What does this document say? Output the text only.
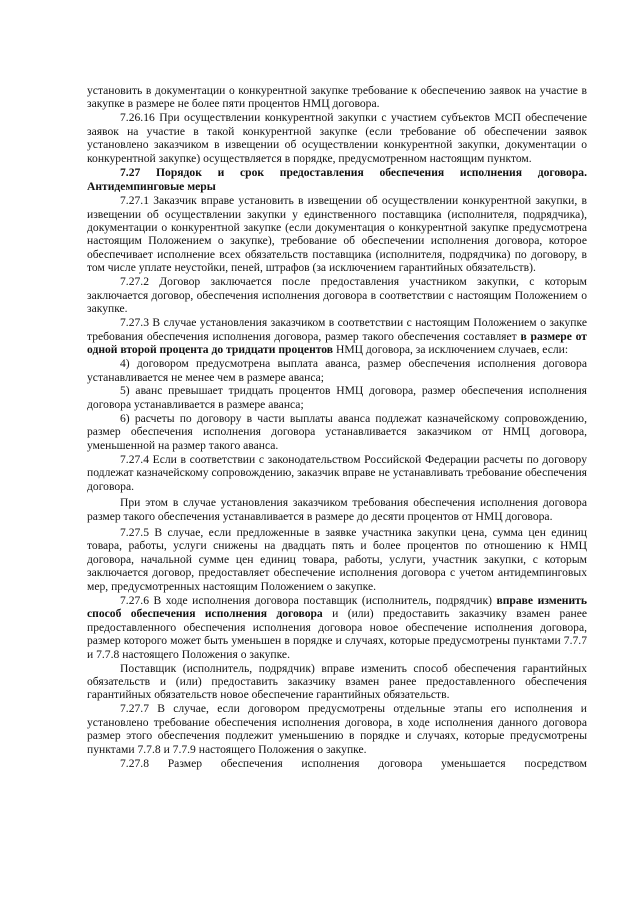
установить в документации о конкурентной закупке требование к обеспечению заявок на участие в закупке в размере не более пяти процентов НМЦ договора.

7.26.16 При осуществлении конкурентной закупки с участием субъектов МСП обеспечение заявок на участие в такой конкурентной закупке (если требование об обеспечении заявок установлено заказчиком в извещении об осуществлении конкурентной закупки, документации о конкурентной закупке) осуществляется в порядке, предусмотренном настоящим пунктом.

7.27 Порядок и срок предоставления обеспечения исполнения договора. Антидемпинговые меры

7.27.1 Заказчик вправе установить в извещении об осуществлении конкурентной закупки, в извещении об осуществлении закупки у единственного поставщика (исполнителя, подрядчика), документации о конкурентной закупке (если документация о конкурентной закупке предусмотрена настоящим Положением о закупке), требование об обеспечении исполнения договора, которое обеспечивает исполнение всех обязательств поставщика (исполнителя, подрядчика) по договору, в том числе уплате неустойки, пеней, штрафов (за исключением гарантийных обязательств).

7.27.2 Договор заключается после предоставления участником закупки, с которым заключается договор, обеспечения исполнения договора в соответствии с настоящим Положением о закупке.

7.27.3 В случае установления заказчиком в соответствии с настоящим Положением о закупке требования обеспечения исполнения договора, размер такого обеспечения составляет в размере от одной второй процента до тридцати процентов НМЦ договора, за исключением случаев, если:

4) договором предусмотрена выплата аванса, размер обеспечения исполнения договора устанавливается не менее чем в размере аванса;

5) аванс превышает тридцать процентов НМЦ договора, размер обеспечения исполнения договора устанавливается в размере аванса;

6) расчеты по договору в части выплаты аванса подлежат казначейскому сопровождению, размер обеспечения исполнения договора устанавливается заказчиком от НМЦ договора, уменьшенной на размер такого аванса.

7.27.4 Если в соответствии с законодательством Российской Федерации расчеты по договору подлежат казначейскому сопровождению, заказчик вправе не устанавливать требование обеспечения договора.

При этом в случае установления заказчиком требования обеспечения исполнения договора размер такого обеспечения устанавливается в размере до десяти процентов от НМЦ договора.

7.27.5 В случае, если предложенные в заявке участника закупки цена, сумма цен единиц товара, работы, услуги снижены на двадцать пять и более процентов по отношению к НМЦ договора, начальной сумме цен единиц товара, работы, услуги, участник закупки, с которым заключается договор, предоставляет обеспечение исполнения договора с учетом антидемпинговых мер, предусмотренных настоящим Положением о закупке.

7.27.6 В ходе исполнения договора поставщик (исполнитель, подрядчик) вправе изменить способ обеспечения исполнения договора и (или) предоставить заказчику взамен ранее предоставленного обеспечения исполнения договора новое обеспечение исполнения договора, размер которого может быть уменьшен в порядке и случаях, которые предусмотрены пунктами 7.7.7 и 7.7.8 настоящего Положения о закупке.

Поставщик (исполнитель, подрядчик) вправе изменить способ обеспечения гарантийных обязательств и (или) предоставить заказчику взамен ранее предоставленного обеспечения гарантийных обязательств новое обеспечение гарантийных обязательств.

7.27.7 В случае, если договором предусмотрены отдельные этапы его исполнения и установлено требование обеспечения исполнения договора, в ходе исполнения данного договора размер этого обеспечения подлежит уменьшению в порядке и случаях, которые предусмотрены пунктами 7.7.8 и 7.7.9 настоящего Положения о закупке.

7.27.8 Размер обеспечения исполнения договора уменьшается посредством
